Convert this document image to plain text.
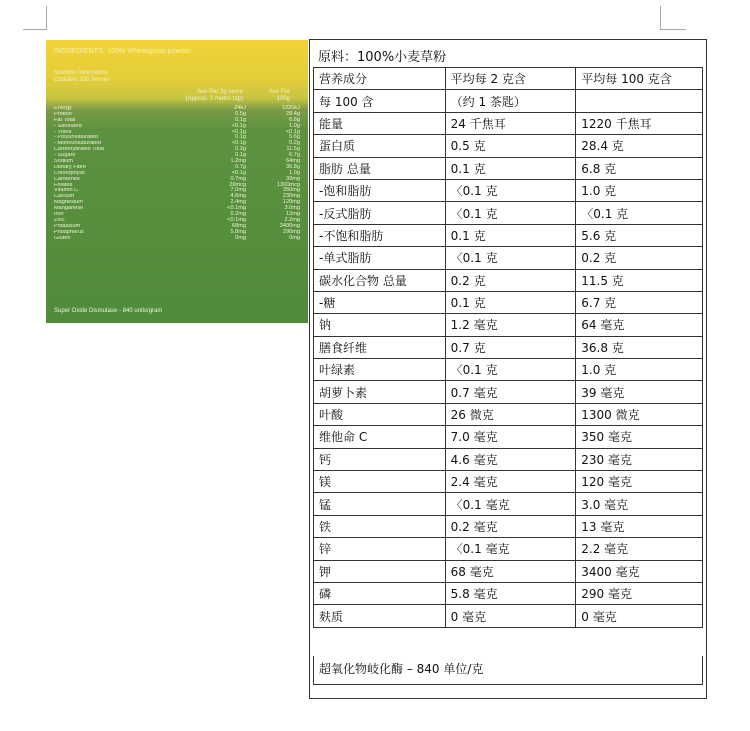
INGREDIENTS: 100% Wheatgrass powder
Nutrition Information
Contains 100 Serves
Ave Per 2g serve
(Approx. 1 metric tsp)
Ave Per
100g
Energy	24kJ	1220kJ
Protein	0.5g	28.4g
Fat Total	0.1g	6.8g
- Saturated	<0.1g	1.0g
- Trans	<0.1g	<0.1g
- Polyunsaturated	0.1g	5.6g
- Monounsaturated	<0.1g	0.2g
Carbohydrates Total	0.2g	11.5g
- Sugars	0.1g	6.7g
Sodium	1.2mg	64mg
Dietary Fibre	0.7g	36.8g
Chlorophylls	<0.1g	1.0g
Carotenes	0.7mg	39mg
Folates	26mcg	1300mcg
Vitamin C	7.0mg	350mg
Calcium	4.6mg	230mg
Magnesium	2.4mg	120mg
Manganese	<0.1mg	3.0mg
Iron	0.2mg	13mg
Zinc	<0.1mg	2.2mg
Potassium	68mg	3400mg
Phosphorus	5.8mg	290mg
Gluten	0mg	0mg
Super Oxide Dismutase - 840 units/gram
原料：100%小麦草粉
营养成分	平均每 2 克含	平均每 100 克含
每 100 含	（约 1 茶匙）	
能量	24 千焦耳	1220 千焦耳
蛋白质	0.5 克	28.4 克
脂肪 总量	0.1 克	6.8 克
-饱和脂肪	〈0.1 克	1.0 克
-反式脂肪	〈0.1 克	〈0.1 克
-不饱和脂肪	0.1 克	5.6 克
-单式脂肪	〈0.1 克	0.2 克
碳水化合物 总量	0.2 克	11.5 克
-糖	0.1 克	6.7 克
钠	1.2 毫克	64 毫克
膳食纤维	0.7 克	36.8 克
叶绿素	〈0.1 克	1.0 克
胡萝卜素	0.7 毫克	39 毫克
叶酸	26 微克	1300 微克
维他命 C	7.0 毫克	350 毫克
钙	4.6 毫克	230 毫克
镁	2.4 毫克	120 毫克
锰	〈0.1 毫克	3.0 毫克
铁	0.2 毫克	13 毫克
锌	〈0.1 毫克	2.2 毫克
钾	68 毫克	3400 毫克
磷	5.8 毫克	290 毫克
麸质	0 毫克	0 毫克
超氧化物岐化酶 – 840 单位/克
